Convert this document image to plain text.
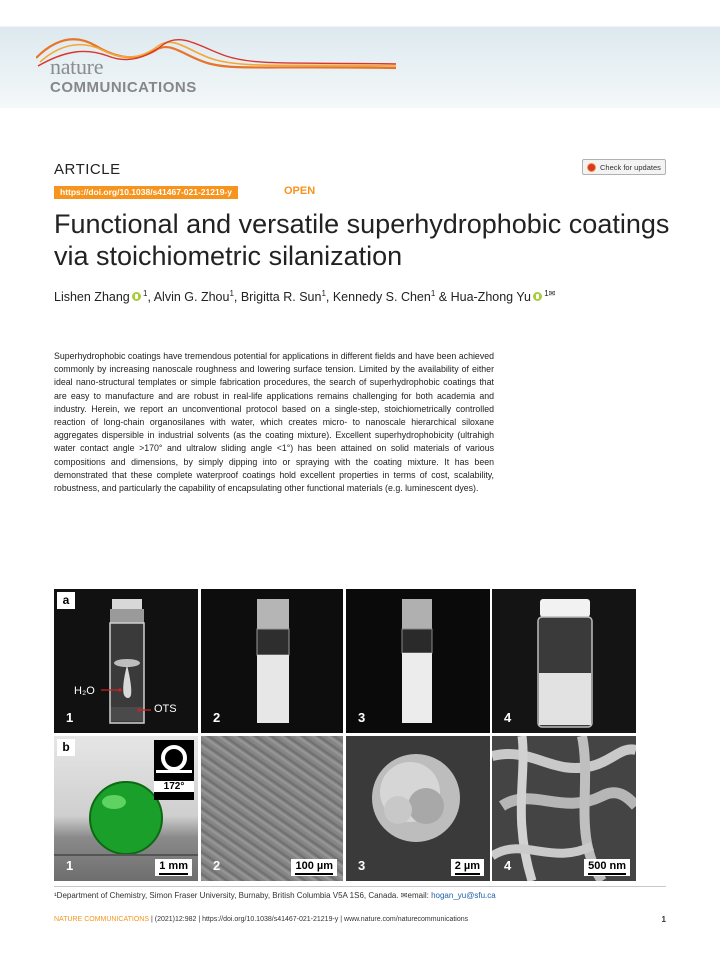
nature
COMMUNICATIONS
ARTICLE	Check for updates
https://doi.org/10.1038/s41467-021-21219-y	OPEN
Functional and versatile superhydrophobic coatings via stoichiometric silanization
Lishen Zhang $^1$, Alvin G. Zhou$^1$, Brigitta R. Sun$^1$, Kennedy S. Chen$^1$ & Hua-Zhong Yu $^{1✉}$
Superhydrophobic coatings have tremendous potential for applications in different fields and have been achieved commonly by increasing nanoscale roughness and lowering surface tension. Limited by the availability of either ideal nano-structural templates or simple fabrication procedures, the search of superhydrophobic coatings that are easy to manufacture and are robust in real-life applications remains challenging for both academia and industry. Herein, we report an unconventional protocol based on a single-step, stoichiometrically controlled reaction of long-chain organosilanes with water, which creates micro- to nanoscale hierarchical siloxane aggregates dispersible in industrial solvents (as the coating mixture). Excellent superhydrophobicity (ultrahigh water contact angle >170° and ultralow sliding angle <1°) has been attained on solid materials of various compositions and dimensions, by simply dipping into or spraying with the coating mixture. It has been demonstrated that these complete waterproof coatings hold excellent properties in terms of cost, scalability, robustness, and particularly the capability of encapsulating other functional materials (e.g. luminescent dyes).
a
H₂O
OTS
1	2	3	4
b
172°
1 mm
1	100 µm
2	2 µm
3	500 nm
4
¹Department of Chemistry, Simon Fraser University, Burnaby, British Columbia V5A 1S6, Canada. ✉email: hogan_yu@sfu.ca
NATURE COMMUNICATIONS | (2021)12:982 | https://doi.org/10.1038/s41467-021-21219-y | www.nature.com/naturecommunications	1
